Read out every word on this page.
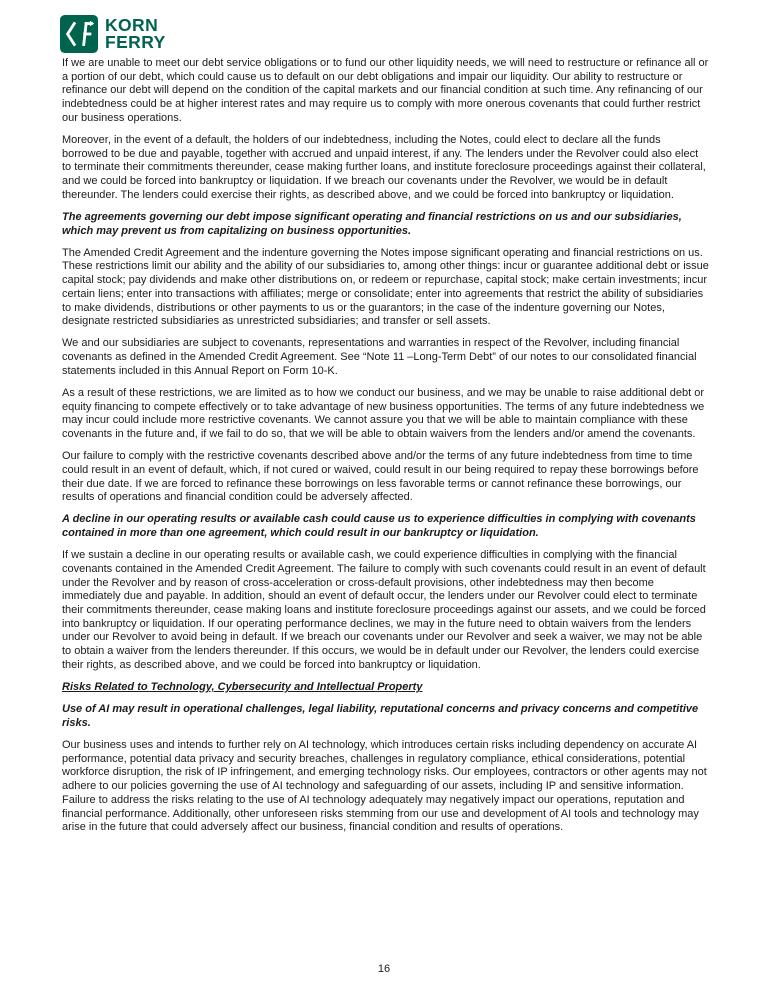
KORN
FERRY

If we are unable to meet our debt service obligations or to fund our other liquidity needs, we will need to restructure or refinance all or a portion of our debt, which could cause us to default on our debt obligations and impair our liquidity. Our ability to restructure or refinance our debt will depend on the condition of the capital markets and our financial condition at such time. Any refinancing of our indebtedness could be at higher interest rates and may require us to comply with more onerous covenants that could further restrict our business operations.

Moreover, in the event of a default, the holders of our indebtedness, including the Notes, could elect to declare all the funds borrowed to be due and payable, together with accrued and unpaid interest, if any. The lenders under the Revolver could also elect to terminate their commitments thereunder, cease making further loans, and institute foreclosure proceedings against their collateral, and we could be forced into bankruptcy or liquidation. If we breach our covenants under the Revolver, we would be in default thereunder. The lenders could exercise their rights, as described above, and we could be forced into bankruptcy or liquidation.

The agreements governing our debt impose significant operating and financial restrictions on us and our subsidiaries, which may prevent us from capitalizing on business opportunities.

The Amended Credit Agreement and the indenture governing the Notes impose significant operating and financial restrictions on us. These restrictions limit our ability and the ability of our subsidiaries to, among other things: incur or guarantee additional debt or issue capital stock; pay dividends and make other distributions on, or redeem or repurchase, capital stock; make certain investments; incur certain liens; enter into transactions with affiliates; merge or consolidate; enter into agreements that restrict the ability of subsidiaries to make dividends, distributions or other payments to us or the guarantors; in the case of the indenture governing our Notes, designate restricted subsidiaries as unrestricted subsidiaries; and transfer or sell assets.

We and our subsidiaries are subject to covenants, representations and warranties in respect of the Revolver, including financial covenants as defined in the Amended Credit Agreement. See “Note 11 –Long-Term Debt” of our notes to our consolidated financial statements included in this Annual Report on Form 10-K.

As a result of these restrictions, we are limited as to how we conduct our business, and we may be unable to raise additional debt or equity financing to compete effectively or to take advantage of new business opportunities. The terms of any future indebtedness we may incur could include more restrictive covenants. We cannot assure you that we will be able to maintain compliance with these covenants in the future and, if we fail to do so, that we will be able to obtain waivers from the lenders and/or amend the covenants.

Our failure to comply with the restrictive covenants described above and/or the terms of any future indebtedness from time to time could result in an event of default, which, if not cured or waived, could result in our being required to repay these borrowings before their due date. If we are forced to refinance these borrowings on less favorable terms or cannot refinance these borrowings, our results of operations and financial condition could be adversely affected.

A decline in our operating results or available cash could cause us to experience difficulties in complying with covenants contained in more than one agreement, which could result in our bankruptcy or liquidation.

If we sustain a decline in our operating results or available cash, we could experience difficulties in complying with the financial covenants contained in the Amended Credit Agreement. The failure to comply with such covenants could result in an event of default under the Revolver and by reason of cross-acceleration or cross-default provisions, other indebtedness may then become immediately due and payable. In addition, should an event of default occur, the lenders under our Revolver could elect to terminate their commitments thereunder, cease making loans and institute foreclosure proceedings against our assets, and we could be forced into bankruptcy or liquidation. If our operating performance declines, we may in the future need to obtain waivers from the lenders under our Revolver to avoid being in default. If we breach our covenants under our Revolver and seek a waiver, we may not be able to obtain a waiver from the lenders thereunder. If this occurs, we would be in default under our Revolver, the lenders could exercise their rights, as described above, and we could be forced into bankruptcy or liquidation.

Risks Related to Technology, Cybersecurity and Intellectual Property

Use of AI may result in operational challenges, legal liability, reputational concerns and privacy concerns and competitive risks.

Our business uses and intends to further rely on AI technology, which introduces certain risks including dependency on accurate AI performance, potential data privacy and security breaches, challenges in regulatory compliance, ethical considerations, potential workforce disruption, the risk of IP infringement, and emerging technology risks. Our employees, contractors or other agents may not adhere to our policies governing the use of AI technology and safeguarding of our assets, including IP and sensitive information. Failure to address the risks relating to the use of AI technology adequately may negatively impact our operations, reputation and financial performance. Additionally, other unforeseen risks stemming from our use and development of AI tools and technology may arise in the future that could adversely affect our business, financial condition and results of operations.

16
